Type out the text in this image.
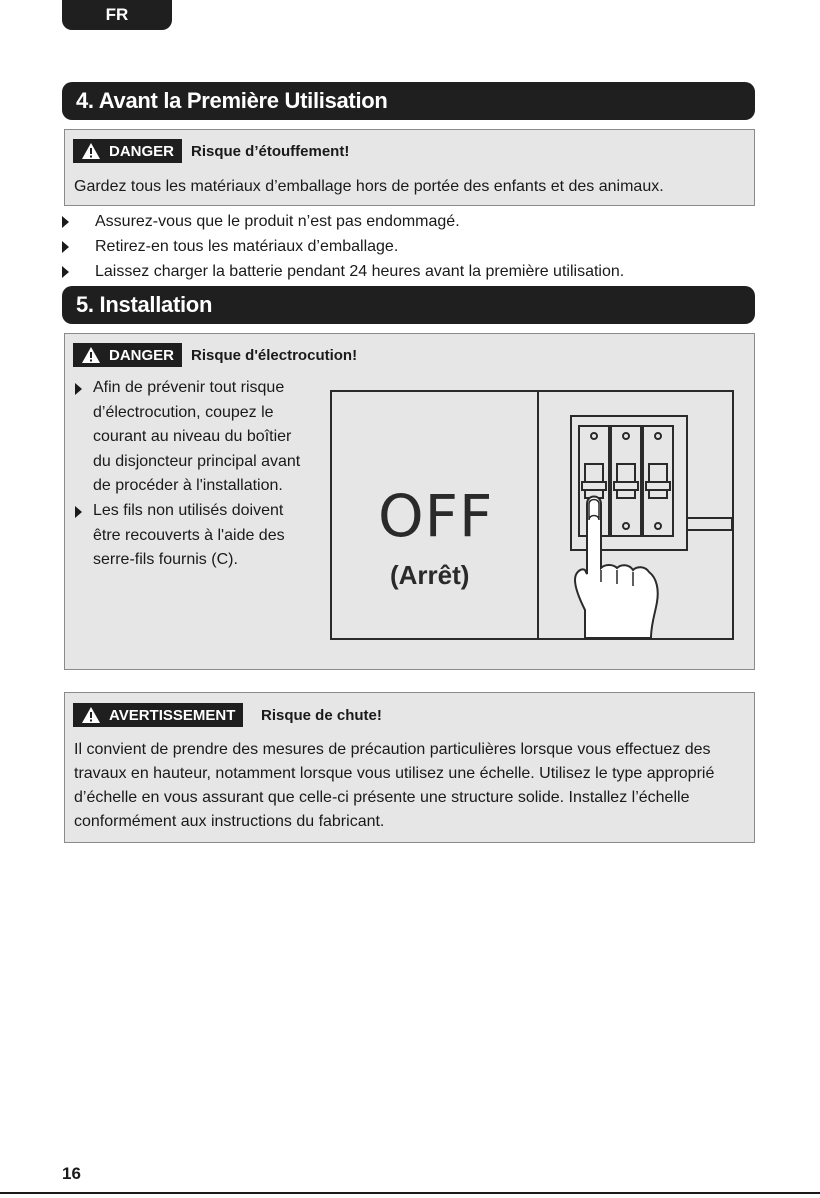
FR
4. Avant la Première Utilisation
DANGER Risque d’étouffement!
Gardez tous les matériaux d’emballage hors de portée des enfants et des animaux.
Assurez-vous que le produit n’est pas endommagé.
Retirez-en tous les matériaux d’emballage.
Laissez charger la batterie pendant 24 heures avant la première utilisation.
5. Installation
DANGER Risque d'électrocution!
Afin de prévenir tout risque d’électrocution, coupez le courant au niveau du boîtier du disjoncteur principal avant de procéder à l'installation.
Les fils non utilisés doivent être recouverts à l'aide des serre-fils fournis (C).
OFF
(Arrêt)
AVERTISSEMENT Risque de chute!
Il convient de prendre des mesures de précaution particulières lorsque vous effectuez des travaux en hauteur, notamment lorsque vous utilisez une échelle. Utilisez le type approprié d’échelle en vous assurant que celle-ci présente une structure solide. Installez l’échelle conformément aux instructions du fabricant.
16
